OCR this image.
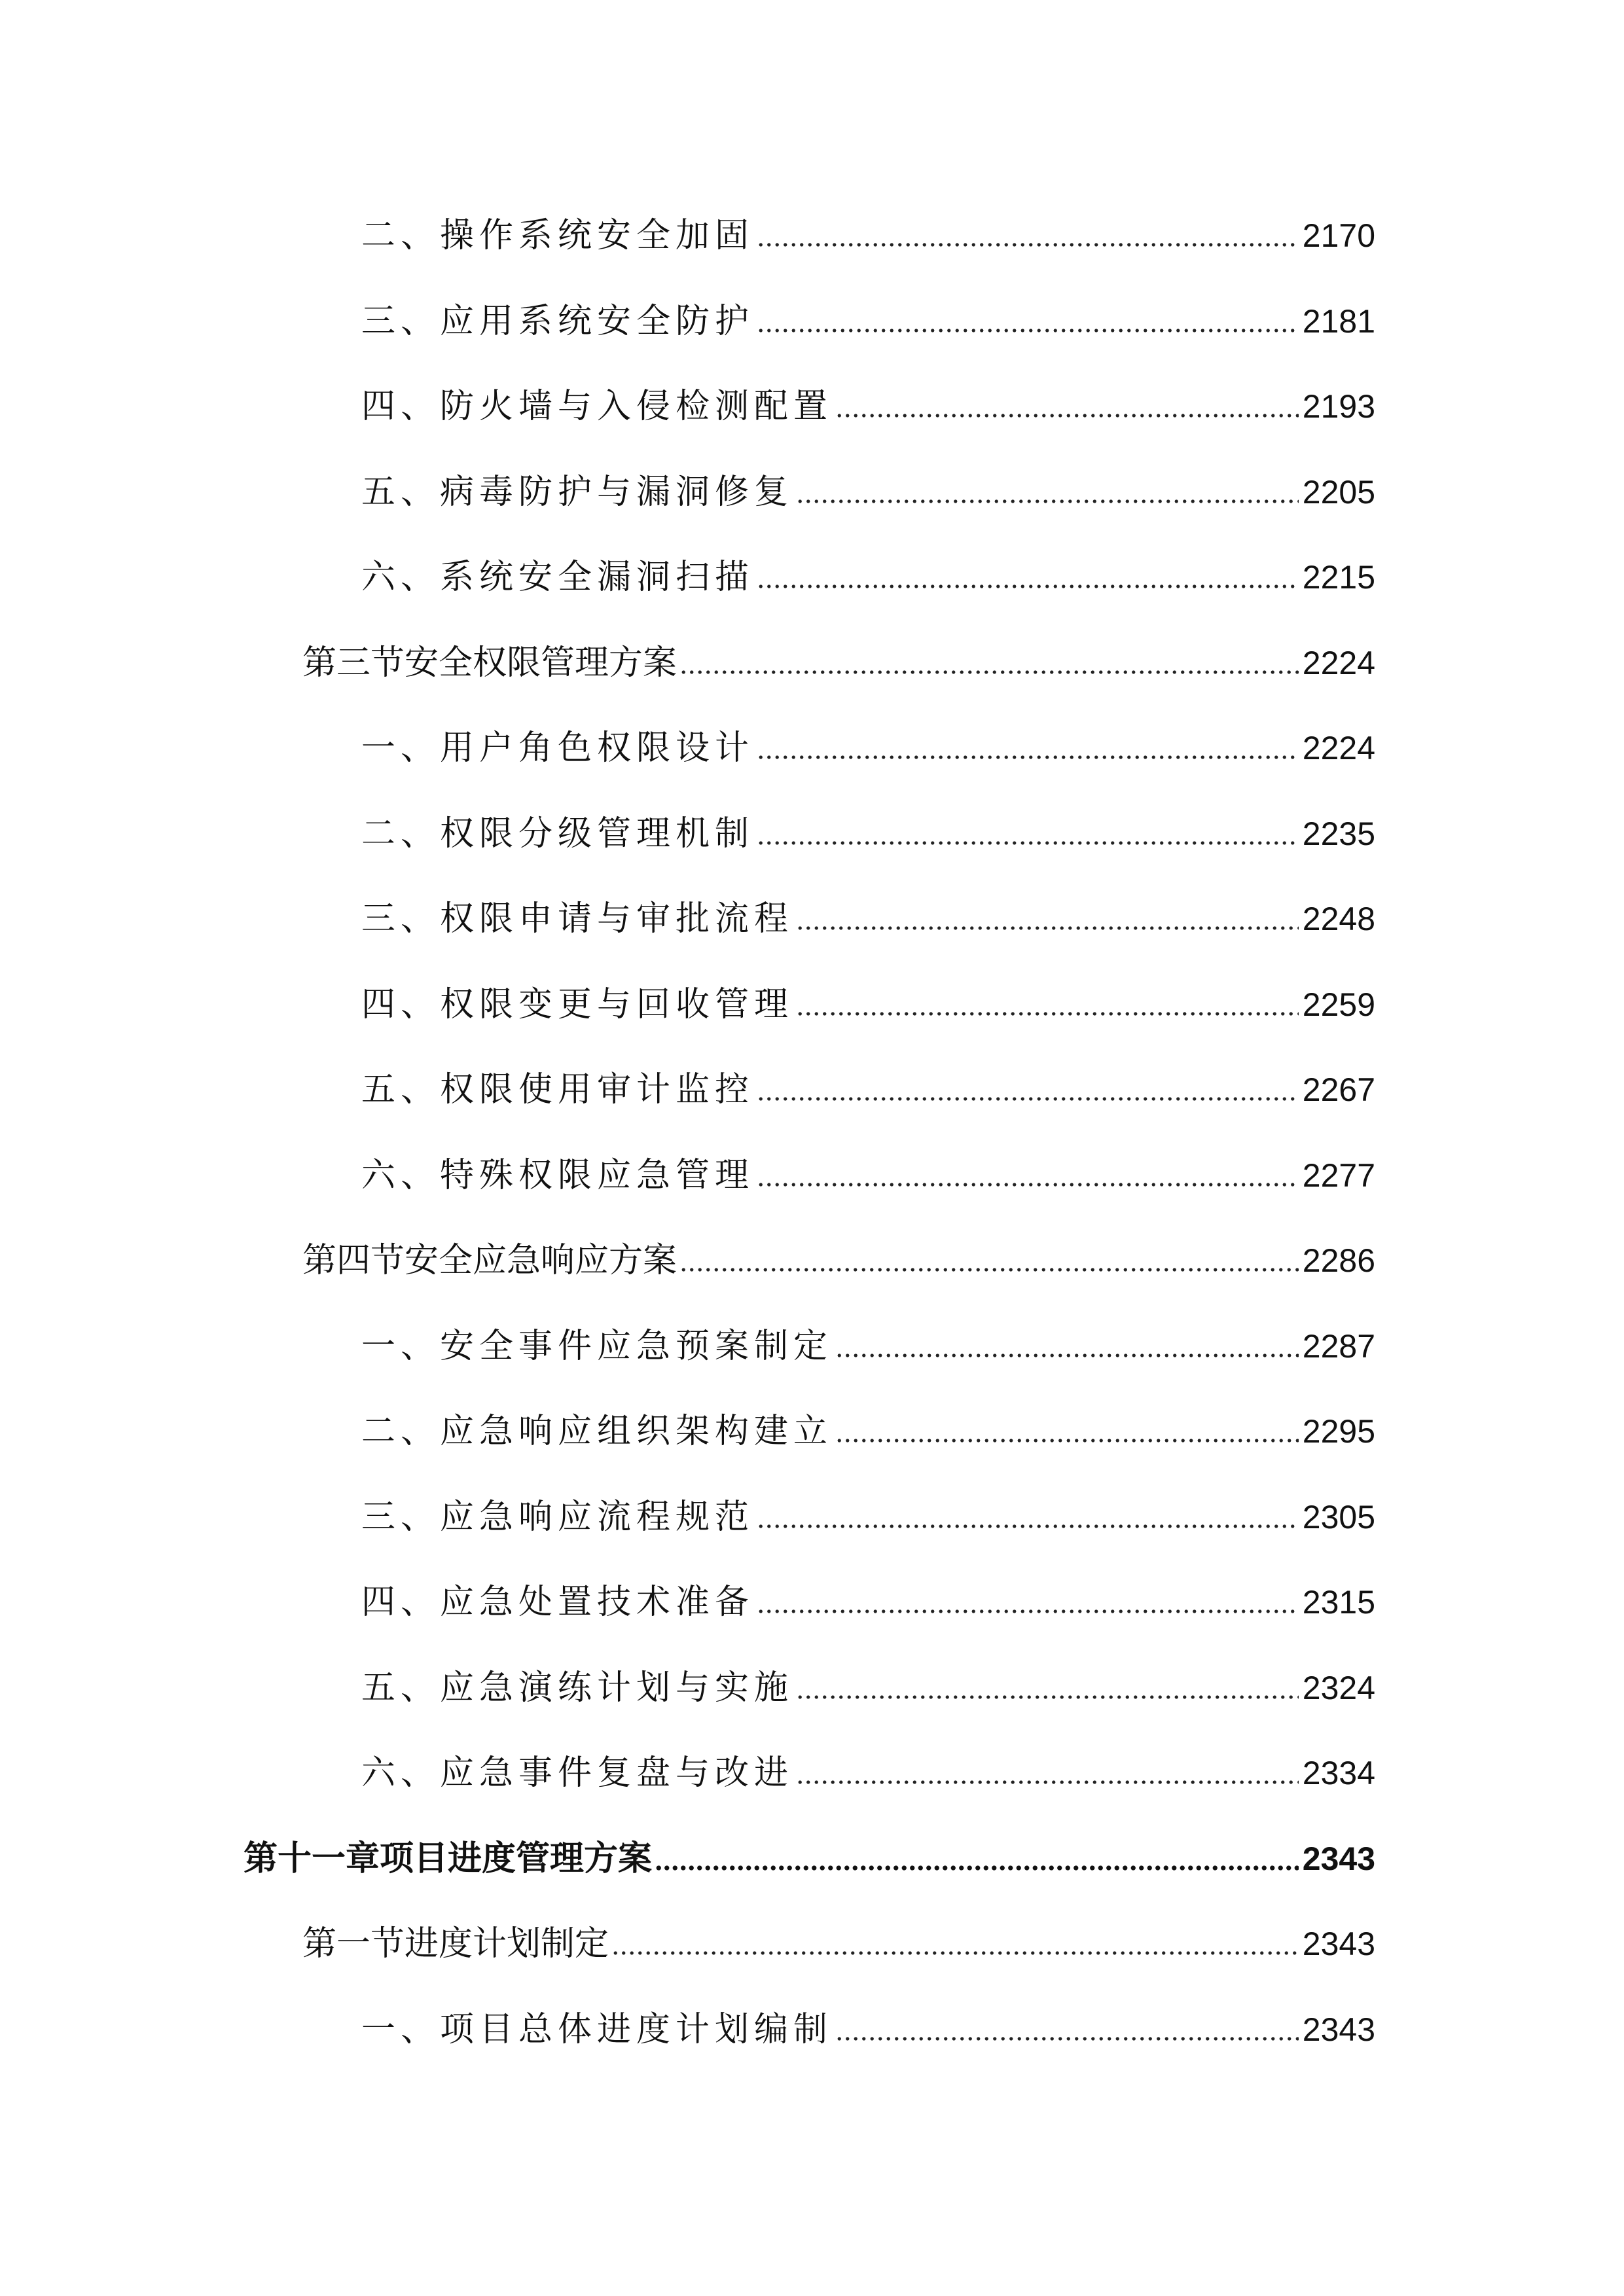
二、操作系统安全加固	2170
三、应用系统安全防护	2181
四、防火墙与入侵检测配置	2193
五、病毒防护与漏洞修复	2205
六、系统安全漏洞扫描	2215
第三节安全权限管理方案	2224
一、用户角色权限设计	2224
二、权限分级管理机制	2235
三、权限申请与审批流程	2248
四、权限变更与回收管理	2259
五、权限使用审计监控	2267
六、特殊权限应急管理	2277
第四节安全应急响应方案	2286
一、安全事件应急预案制定	2287
二、应急响应组织架构建立	2295
三、应急响应流程规范	2305
四、应急处置技术准备	2315
五、应急演练计划与实施	2324
六、应急事件复盘与改进	2334
第十一章项目进度管理方案	2343
第一节进度计划制定	2343
一、项目总体进度计划编制	2343
